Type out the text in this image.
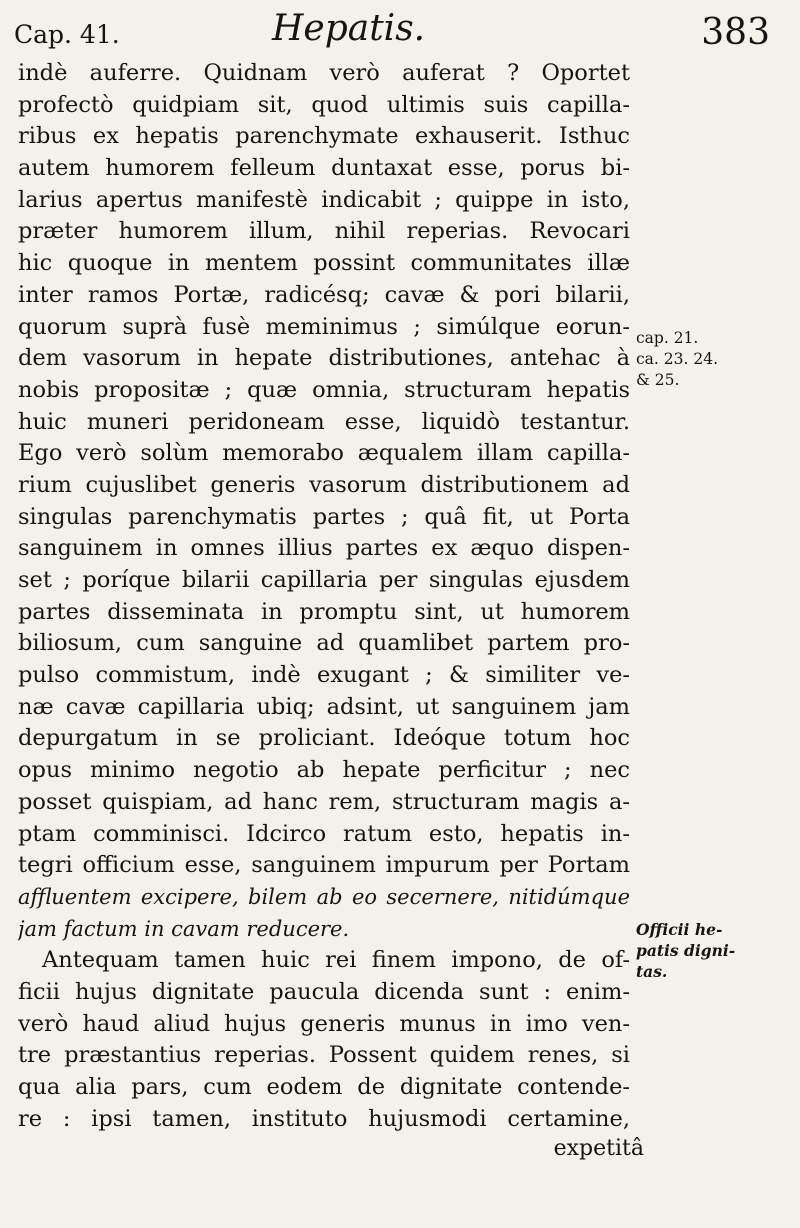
Cap. 41.	Hepatis.	383
indè auferre. Quidnam verò auferat ? Oportet
profectò quidpiam sit, quod ultimis suis capilla-
ribus ex hepatis parenchymate exhauserit. Isthuc
autem humorem felleum duntaxat esse, porus bi-
larius apertus manifestè indicabit ; quippe in isto,
præter humorem illum, nihil reperias. Revocari
hic quoque in mentem possint communitates illæ
inter ramos Portæ, radicésq; cavæ & pori bilarii,
quorum suprà fusè meminimus ; simúlque eorun-
dem vasorum in hepate distributiones, antehac à
nobis propositæ ; quæ omnia, structuram hepatis
huic muneri peridoneam esse, liquidò testantur.
Ego verò solùm memorabo æqualem illam capilla-
rium cujuslibet generis vasorum distributionem ad
singulas parenchymatis partes ; quâ fit, ut Porta
sanguinem in omnes illius partes ex æquo dispen-
set ; poríque bilarii capillaria per singulas ejusdem
partes disseminata in promptu sint, ut humorem
biliosum, cum sanguine ad quamlibet partem pro-
pulso commistum, indè exugant ; & similiter ve-
næ cavæ capillaria ubiq; adsint, ut sanguinem jam
depurgatum in se proliciant. Ideóque totum hoc
opus minimo negotio ab hepate perficitur ; nec
posset quispiam, ad hanc rem, structuram magis a-
ptam comminisci. Idcirco ratum esto, hepatis in-
tegri officium esse, sanguinem impurum per Portam
affluentem excipere, bilem ab eo secernere, nitidúmque
jam factum in cavam reducere.
Antequam tamen huic rei finem impono, de of-
ficii hujus dignitate paucula dicenda sunt : enim-
verò haud aliud hujus generis munus in imo ven-
tre præstantius reperias. Possent quidem renes, si
qua alia pars, cum eodem de dignitate contende-
re : ipsi tamen, instituto hujusmodi certamine,
expetitâ
cap. 21.
ca. 23. 24.
& 25.
Officii he-
patis digni-
tas.
